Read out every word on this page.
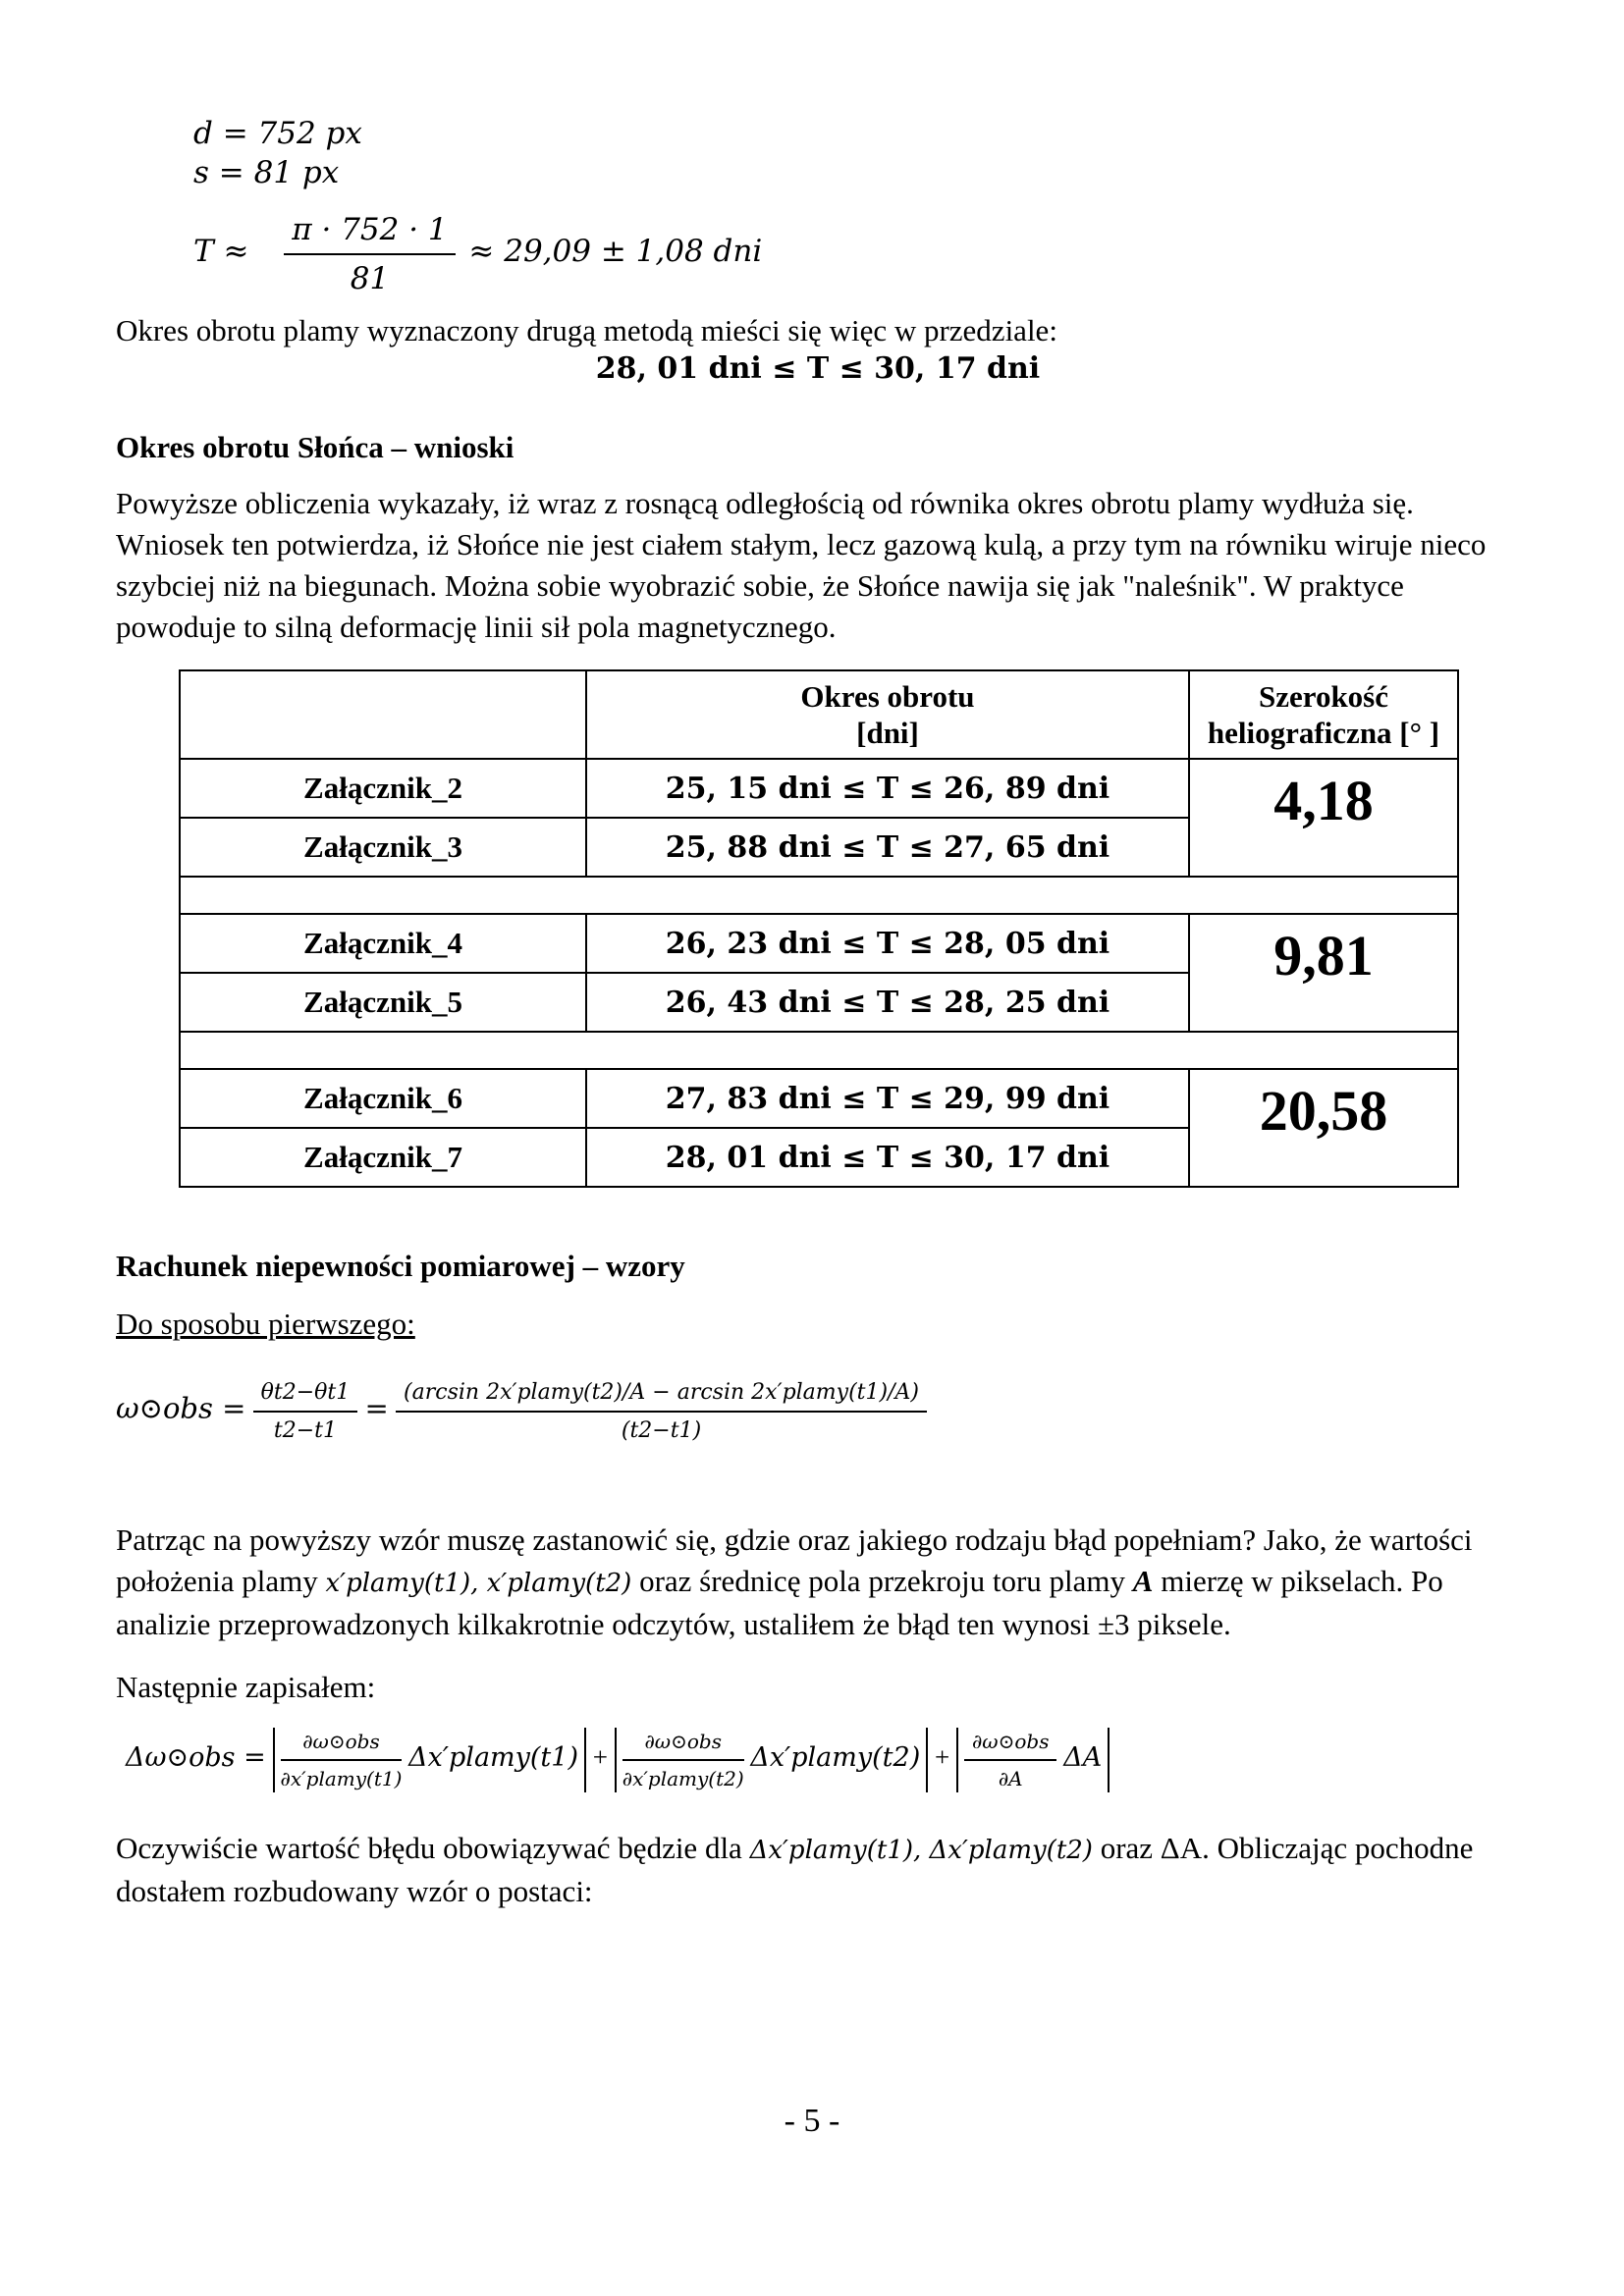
d = 752 px
s = 81 px
$T \approx \frac{\pi \cdot 752 \cdot 1}{81} \approx 29,09 \pm 1,08$ dni
Okres obrotu plamy wyznaczony drugą metodą mieści się więc w przedziale:
28, 01 dni ≤ T ≤ 30, 17 dni
Okres obrotu Słońca – wnioski
Powyższe obliczenia wykazały, iż wraz z rosnącą odległością od równika okres obrotu plamy wydłuża się. Wniosek ten potwierdza, iż Słońce nie jest ciałem stałym, lecz gazową kulą, a przy tym na równiku wiruje nieco szybciej niż na biegunach. Można sobie wyobrazić sobie, że Słońce nawija się jak "naleśnik". W praktyce powoduje to silną deformację linii sił pola magnetycznego.
	Okres obrotu
[dni]	Szerokość
heliograficzna [° ]
Załącznik_2	25, 15 dni ≤ T ≤ 26, 89 dni	4,18

Załącznik_3	25, 88 dni ≤ T ≤ 27, 65 dni	

Załącznik_4	26, 23 dni ≤ T ≤ 28, 05 dni	9,81

Załącznik_5	26, 43 dni ≤ T ≤ 28, 25 dni	

Załącznik_6	27, 83 dni ≤ T ≤ 29, 99 dni	20,58

Załącznik_7	28, 01 dni ≤ T ≤ 30, 17 dni	
Rachunek niepewności pomiarowej – wzory
Do sposobu pierwszego:
ω⊙obs = $\frac{\theta t2-\theta t1}{t2-t1} = \frac{\text{(arcsin 2x′plamy(t2)/A − arcsin 2x′plamy(t1)/A)}}{(t2-t1)}$
Patrząc na powyższy wzór muszę zastanowić się, gdzie oraz jakiego rodzaju błąd popełniam? Jako, że wartości położenia plamy x′plamy(t1), x′plamy(t2) oraz średnicę pola przekroju toru plamy A mierzę w pikselach. Po analizie przeprowadzonych kilkakrotnie odczytów, ustaliłem że błąd ten wynosi ±3 piksele.
Następnie zapisałem:
Δω⊙obs = $\frac{\text{∂ω⊙obs}}{\text{∂x′plamy(t1)}}$ Δx′plamy(t1) + $\frac{\text{∂ω⊙obs}}{\text{∂x′plamy(t2)}}$ Δx′plamy(t2) + $\frac{\text{∂ω⊙obs}}{\partial A}$ ΔA
Oczywiście wartość błędu obowiązywać będzie dla Δx′plamy(t1), Δx′plamy(t2) oraz ΔA. Obliczając pochodne dostałem rozbudowany wzór o postaci:
- 5 -
